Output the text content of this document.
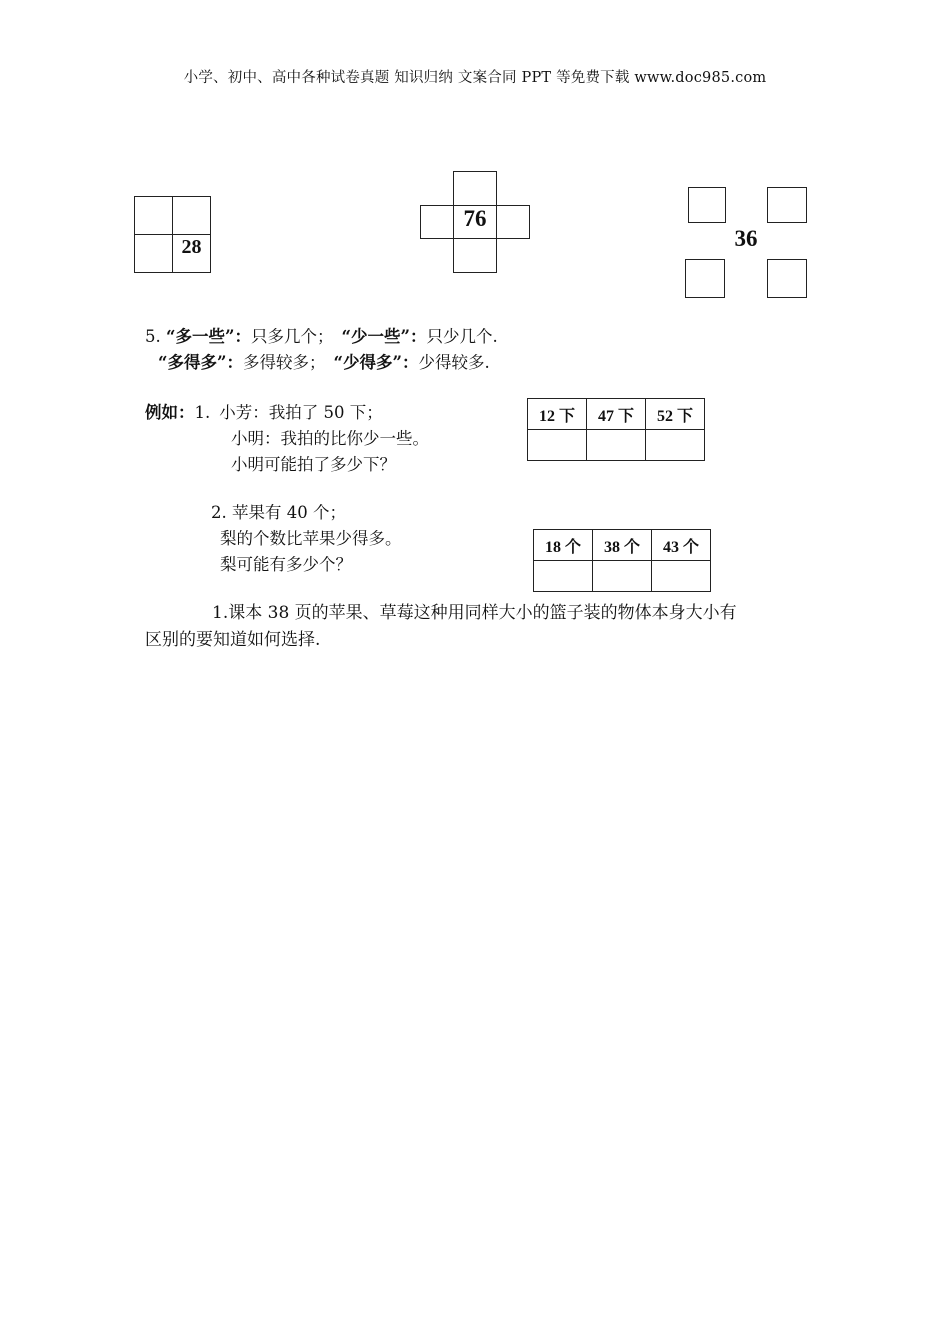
小学、初中、高中各种试卷真题 知识归纳 文案合同 PPT 等免费下载 www.doc985.com
28
76
36
5. “多一些”：只多几个； “少一些”：只少几个.
“多得多”：多得较多； “少得多”：少得较多.
例如：1. 小芳：我拍了 50 下；
小明：我拍的比你少一些。
小明可能拍了多少下？
12 下	47 下	52 下

2. 苹果有 40 个；
梨的个数比苹果少得多。
梨可能有多少个？
18 个	38 个	43 个

1.课本 38 页的苹果、草莓这种用同样大小的篮子装的物体本身大小有
区别的要知道如何选择.
